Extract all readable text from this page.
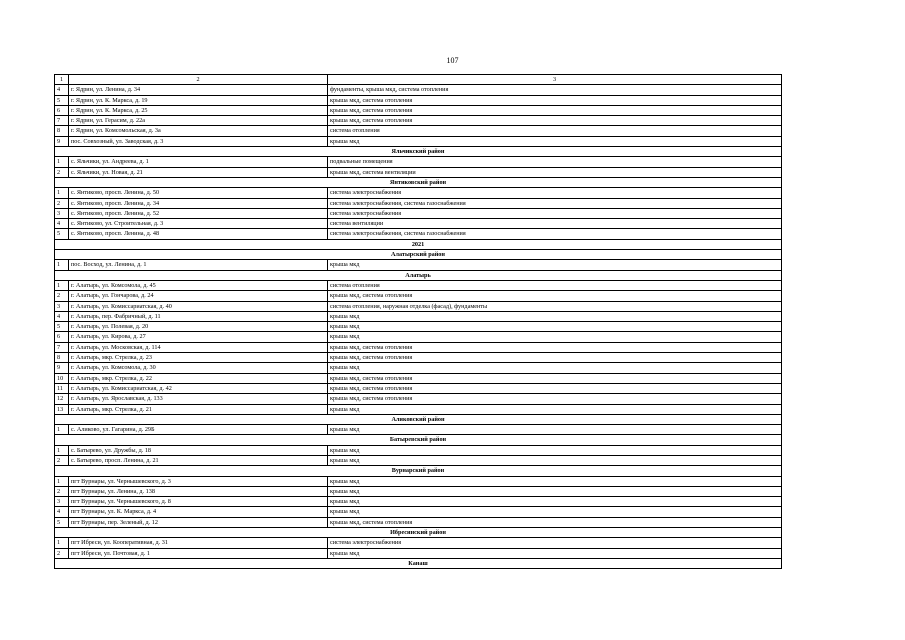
107
1	2	3
4	г. Ядрин, ул. Ленина, д. 34	фундаменты, крыша мкд, система отопления
5	г. Ядрин, ул. К. Маркса, д. 19	крыша мкд, система отопления
6	г. Ядрин, ул. К. Маркса, д. 25	крыша мкд, система отопления
7	г. Ядрин, ул. Герасим, д. 22а	крыша мкд, система отопления
8	г. Ядрин, ул. Комсомольская, д. 3а	система отопления
9	пос. Совхозный, ул. Заводская, д. 3	крыша мкд
Яльчикский район		
1	с. Яльчики, ул. Андреева, д. 1	подвальные помещения
2	с. Яльчики, ул. Новая, д. 21	крыша мкд, система вентиляции
Янтиковский район		
1	с. Янтиково, просп. Ленина, д. 50	система электроснабжения
2	с. Янтиково, просп. Ленина, д. 34	система электроснабжения, система газоснабжения
3	с. Янтиково, просп. Ленина, д. 52	система электроснабжения
4	с. Янтиково, ул. Строительная, д. 3	система вентиляции
5	с. Янтиково, просп. Ленина, д. 48	система электроснабжения, система газоснабжения
2021		
Алатырский район		
1	пос. Восход, ул. Ленина, д. 1	крыша мкд
Алатырь		
1	г. Алатырь, ул. Комсомола, д. 45	система отопления
2	г. Алатырь, ул. Гончарова, д. 24	крыша мкд, система отопления
3	г. Алатырь, ул. Комиссариатская, д. 40	система отопления, наружная отделка (фасад), фундаменты
4	г. Алатырь, пер. Фабричный, д. 11	крыша мкд
5	г. Алатырь, ул. Полевая, д. 20	крыша мкд
6	г. Алатырь, ул. Кирова, д. 27	крыша мкд
7	г. Алатырь, ул. Московская, д. 114	крыша мкд, система отопления
8	г. Алатырь, мкр. Стрелка, д. 23	крыша мкд, система отопления
9	г. Алатырь, ул. Комсомола, д. 30	крыша мкд
10	г. Алатырь, мкр. Стрелка, д. 22	крыша мкд, система отопления
11	г. Алатырь, ул. Комиссариатская, д. 42	крыша мкд, система отопления
12	г. Алатырь, ул. Ярославская, д. 133	крыша мкд, система отопления
13	г. Алатырь, мкр. Стрелка, д. 21	крыша мкд
Аликовский район		
1	с. Аликово, ул. Гагарина, д. 29Б	крыша мкд
Батыревский район		
1	с. Батырево, ул. Дружбы, д. 18	крыша мкд
2	с. Батырево, просп. Ленина, д. 21	крыша мкд
Вурнарский район		
1	пгт Вурнары, ул. Чернышевского, д. 3	крыша мкд
2	пгт Вурнары, ул. Ленина, д. 138	крыша мкд
3	пгт Вурнары, ул. Чернышевского, д. 8	крыша мкд
4	пгт Вурнары, ул. К. Маркса, д. 4	крыша мкд
5	пгт Вурнары, пер. Зеленый, д. 12	крыша мкд, система отопления
Ибресинский район		
1	пгт Ибреси, ул. Кооперативная, д. 31	система электроснабжения
2	пгт Ибреси, ул. Почтовая, д. 1	крыша мкд
Канаш		
